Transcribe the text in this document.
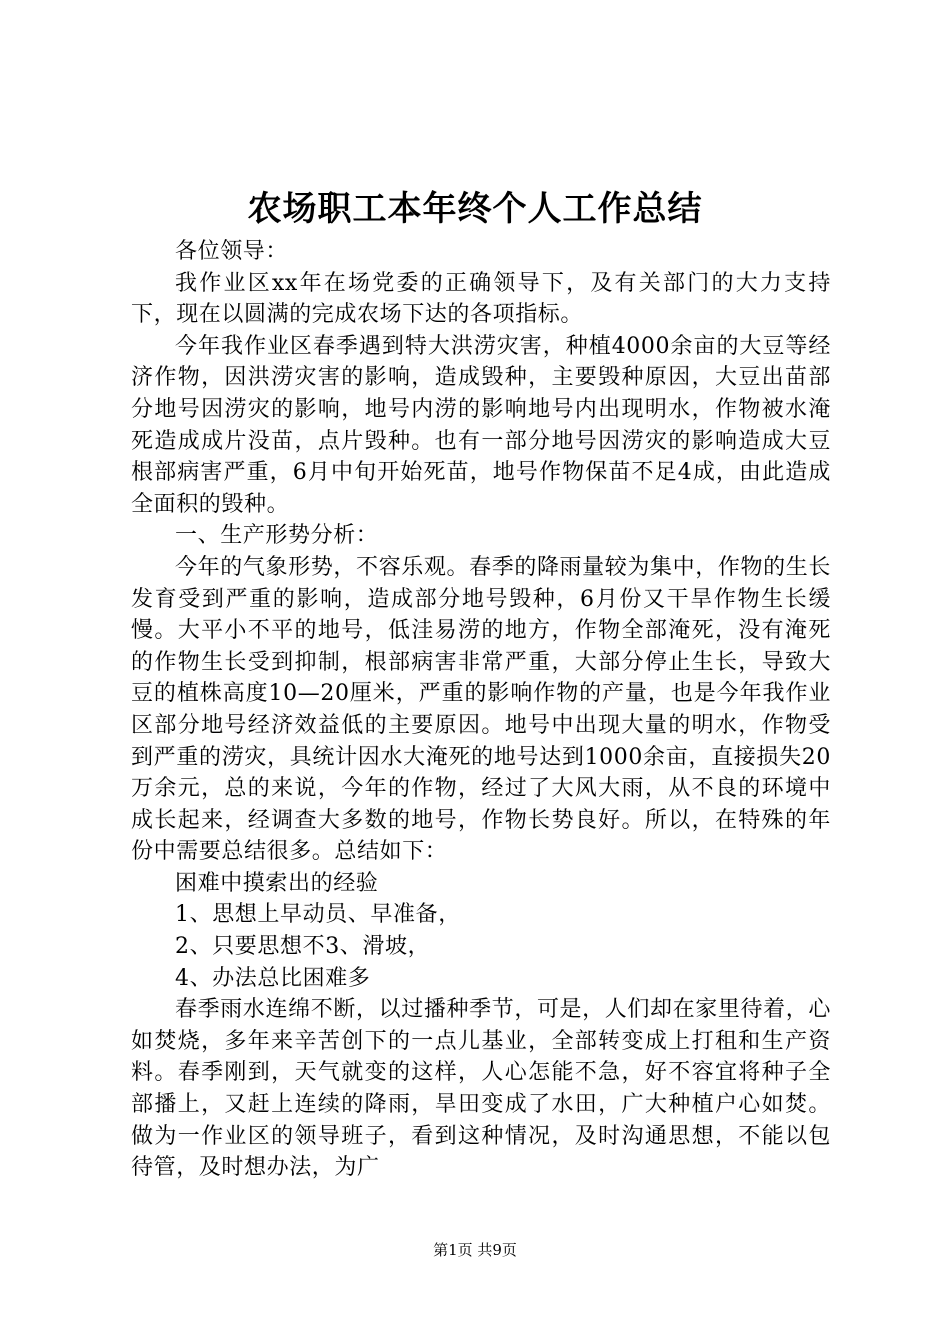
农场职工本年终个人工作总结

各位领导：

我作业区xx年在场党委的正确领导下，及有关部门的大力支持下，现在以圆满的完成农场下达的各项指标。

今年我作业区春季遇到特大洪涝灾害，种植4000余亩的大豆等经济作物，因洪涝灾害的影响，造成毁种，主要毁种原因，大豆出苗部分地号因涝灾的影响，地号内涝的影响地号内出现明水，作物被水淹死造成成片没苗，点片毁种。也有一部分地号因涝灾的影响造成大豆根部病害严重，6月中旬开始死苗，地号作物保苗不足4成，由此造成全面积的毁种。

一、生产形势分析：

今年的气象形势，不容乐观。春季的降雨量较为集中，作物的生长发育受到严重的影响，造成部分地号毁种，6月份又干旱作物生长缓慢。大平小不平的地号，低洼易涝的地方，作物全部淹死，没有淹死的作物生长受到抑制，根部病害非常严重，大部分停止生长，导致大豆的植株高度10—20厘米，严重的影响作物的产量，也是今年我作业区部分地号经济效益低的主要原因。地号中出现大量的明水，作物受到严重的涝灾，具统计因水大淹死的地号达到1000余亩，直接损失20万余元，总的来说，今年的作物，经过了大风大雨，从不良的环境中成长起来，经调查大多数的地号，作物长势良好。所以，在特殊的年份中需要总结很多。总结如下：

困难中摸索出的经验

1、思想上早动员、早准备，

2、只要思想不3、滑坡，

4、办法总比困难多

春季雨水连绵不断，以过播种季节，可是，人们却在家里待着，心如焚烧，多年来辛苦创下的一点儿基业，全部转变成上打租和生产资料。春季刚到，天气就变的这样，人心怎能不急，好不容宜将种子全部播上，又赶上连续的降雨，旱田变成了水田，广大种植户心如焚。做为一作业区的领导班子，看到这种情况，及时沟通思想，不能以包待管，及时想办法，为广

第1页 共9页
